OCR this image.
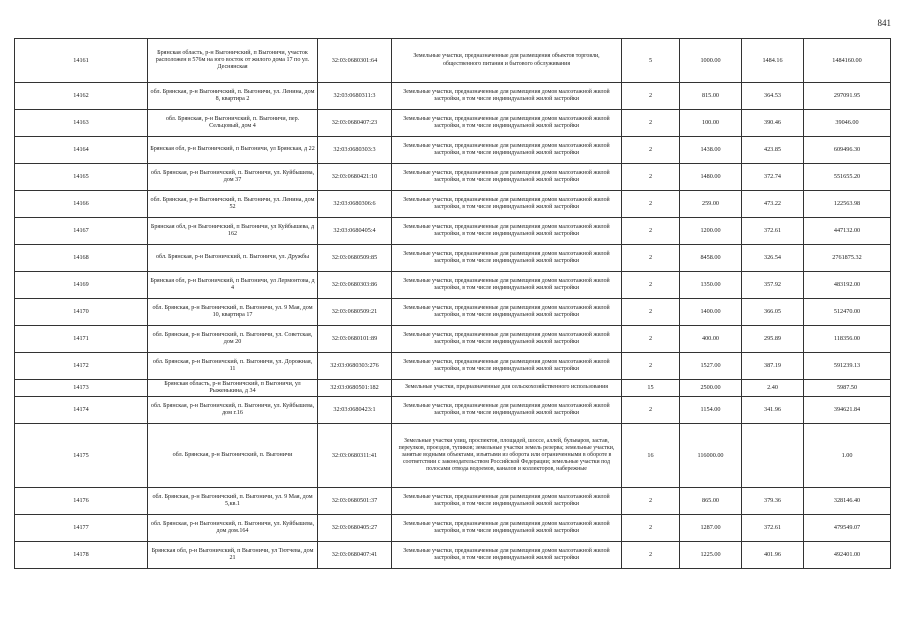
841
14161	Брянская область, р-н Выгоничский, п Выгоничи, участок расположен в 576м на юго восток от жилого дома 17 по ул. Деснянская	32:03:0680301:64	Земельные участки, предназначенные для размещения объектов торговли, общественного питания и бытового обслуживания	5	1000.00	1484.16	1484160.00
14162	обл. Брянская, р-н Выгоничский, п. Выгоничи, ул. Ленина, дом 8, квартира 2	32:03:0680311:3	Земельные участки, предназначенные для размещения домов малоэтажной жилой застройки, в том числе индивидуальной жилой застройки	2	815.00	364.53	297091.95
14163	обл. Брянская, р-н Выгоничский, п. Выгоничи, пер. Сельцовый, дом 4	32:03:0680407:23	Земельные участки, предназначенные для размещения домов малоэтажной жилой застройки, в том числе индивидуальной жилой застройки	2	100.00	390.46	39046.00
14164	Брянская обл, р-н Выгоничский, п Выгоничи, ул Брянская, д 22	32:03:0680303:3	Земельные участки, предназначенные для размещения домов малоэтажной жилой застройки, в том числе индивидуальной жилой застройки	2	1438.00	423.85	609496.30
14165	обл. Брянская, р-н Выгоничский, п. Выгоничи, ул. Куйбышева, дом 37	32:03:0680421:10	Земельные участки, предназначенные для размещения домов малоэтажной жилой застройки, в том числе индивидуальной жилой застройки	2	1480.00	372.74	551655.20
14166	обл. Брянская, р-н Выгоничский, п. Выгоничи, ул. Ленина, дом 52	32:03:0680306:6	Земельные участки, предназначенные для размещения домов малоэтажной жилой застройки, в том числе индивидуальной жилой застройки	2	259.00	473.22	122563.98
14167	Брянская обл, р-н Выгоничский, п Выгоничи, ул Куйбышева, д 162	32:03:0680405:4	Земельные участки, предназначенные для размещения домов малоэтажной жилой застройки, в том числе индивидуальной жилой застройки	2	1200.00	372.61	447132.00
14168	обл. Брянская, р-н Выгоничский, п. Выгоничи, ул. Дружбы	32:03:0680509:85	Земельные участки, предназначенные для размещения домов малоэтажной жилой застройки, в том числе индивидуальной жилой застройки	2	8458.00	326.54	2761875.32
14169	Брянская обл, р-н Выгоничский, п Выгоничи, ул Лермонтова, д 4	32:03:0680303:86	Земельные участки, предназначенные для размещения домов малоэтажной жилой застройки, в том числе индивидуальной жилой застройки	2	1350.00	357.92	483192.00
14170	обл. Брянская, р-н Выгоничский, п. Выгоничи, ул. 9 Мая, дом 10, квартира 17	32:03:0680509:21	Земельные участки, предназначенные для размещения домов малоэтажной жилой застройки, в том числе индивидуальной жилой застройки	2	1400.00	366.05	512470.00
14171	обл. Брянская, р-н Выгоничский, п. Выгоничи, ул. Советская, дом 20	32:03:0680101:89	Земельные участки, предназначенные для размещения домов малоэтажной жилой застройки, в том числе индивидуальной жилой застройки	2	400.00	295.89	118356.00
14172	обл. Брянская, р-н Выгоничский, п. Выгоничи, ул. Дорожная, 11	32:03:0680303:276	Земельные участки, предназначенные для размещения домов малоэтажной жилой застройки, в том числе индивидуальной жилой застройки	2	1527.00	387.19	591239.13
14173	Брянская область, р-н Выгоничский, п Выгоничи, ул Рыженькина, д 34	32:03:0680501:182	Земельные участки, предназначенные для сельскохозяйственного использования	15	2500.00	2.40	5987.50
14174	обл. Брянская, р-н Выгоничский, п. Выгоничи, ул. Куйбышева, дом г.16	32:03:0680423:1	Земельные участки, предназначенные для размещения домов малоэтажной жилой застройки, в том числе индивидуальной жилой застройки	2	1154.00	341.96	394621.84
14175	обл. Брянская, р-н Выгоничский, п. Выгоничи	32:03:0680311:41	Земельные участки улиц, проспектов, площадей, шоссе, аллей, бульваров, застав, переулков, проездов, тупиков; земельные участки земель резерва; земельные участки, занятые водными объектами, изъятыми из оборота или ограниченными в обороте в соответствии с законодательством Российской Федерации; земельные участки под полосами отвода водоемов, каналов и коллекторов, набережные	16	116000.00		1.00
14176	обл. Брянская, р-н Выгоничский, п. Выгоничи, ул. 9 Мая, дом 5,кв.1	32:03:0680501:37	Земельные участки, предназначенные для размещения домов малоэтажной жилой застройки, в том числе индивидуальной жилой застройки	2	865.00	379.36	328146.40
14177	обл. Брянская, р-н Выгоничский, п. Выгоничи, ул. Куйбышева, дом дом.164	32:03:0680405:27	Земельные участки, предназначенные для размещения домов малоэтажной жилой застройки, в том числе индивидуальной жилой застройки	2	1287.00	372.61	479549.07
14178	Брянская обл, р-н Выгоничский, п Выгоничи, ул Тютчева, дом 21	32:03:0680407:41	Земельные участки, предназначенные для размещения домов малоэтажной жилой застройки, в том числе индивидуальной жилой застройки	2	1225.00	401.96	492401.00
